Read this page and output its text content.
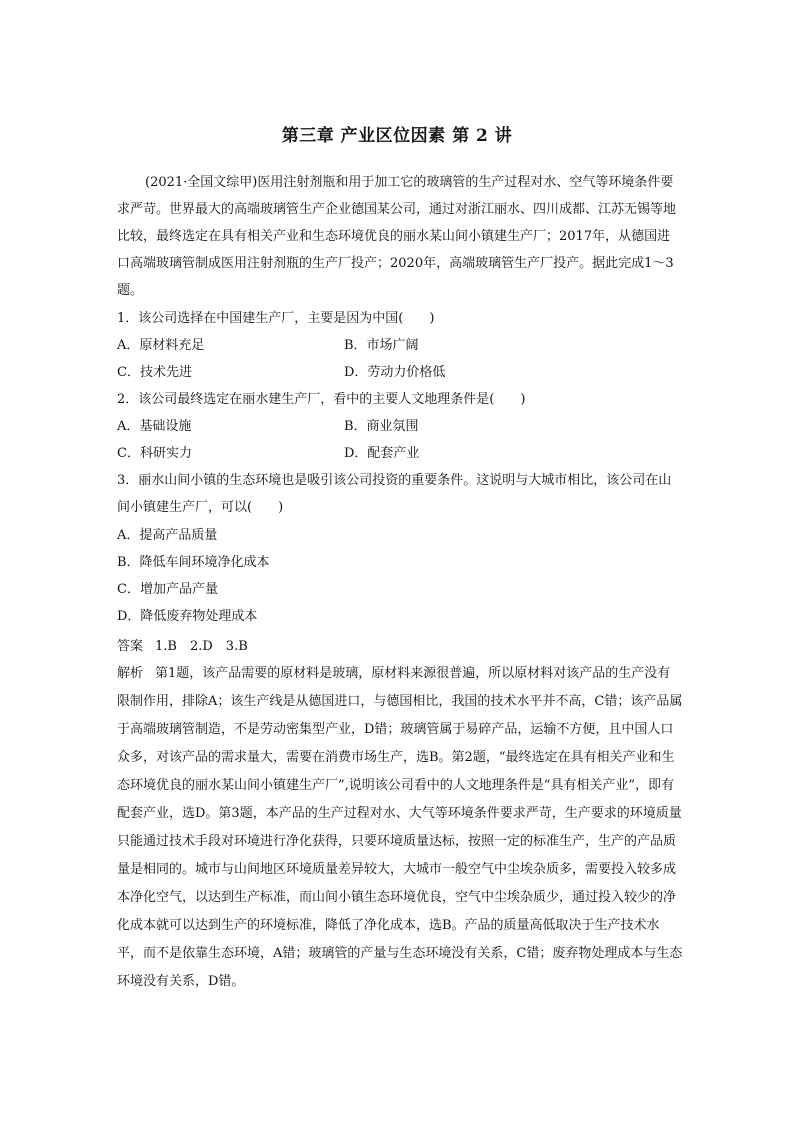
第三章 产业区位因素 第 2 讲
(2021·全国文综甲)医用注射剂瓶和用于加工它的玻璃管的生产过程对水、空气等环境条件要求严苛。世界最大的高端玻璃管生产企业德国某公司，通过对浙江丽水、四川成都、江苏无锡等地比较，最终选定在具有相关产业和生态环境优良的丽水某山间小镇建生产厂；2017年，从德国进口高端玻璃管制成医用注射剂瓶的生产厂投产；2020年，高端玻璃管生产厂投产。据此完成1～3题。
1．该公司选择在中国建生产厂，主要是因为中国(　　)
A．原材料充足	B．市场广阔
C．技术先进	D．劳动力价格低
2．该公司最终选定在丽水建生产厂，看中的主要人文地理条件是(　　)
A．基础设施	B．商业氛围
C．科研实力	D．配套产业
3．丽水山间小镇的生态环境也是吸引该公司投资的重要条件。这说明与大城市相比，该公司在山间小镇建生产厂，可以(　　)
A．提高产品质量
B．降低车间环境净化成本
C．增加产品产量
D．降低废弃物处理成本
答案 1.B　2.D　3.B
解析 第1题，该产品需要的原材料是玻璃，原材料来源很普遍，所以原材料对该产品的生产没有限制作用，排除A；该生产线是从德国进口，与德国相比，我国的技术水平并不高，C错；该产品属于高端玻璃管制造，不是劳动密集型产业，D错；玻璃管属于易碎产品，运输不方便，且中国人口众多，对该产品的需求量大，需要在消费市场生产，选B。第2题，“最终选定在具有相关产业和生态环境优良的丽水某山间小镇建生产厂”,说明该公司看中的人文地理条件是“具有相关产业”，即有配套产业，选D。第3题，本产品的生产过程对水、大气等环境条件要求严苛，生产要求的环境质量只能通过技术手段对环境进行净化获得，只要环境质量达标，按照一定的标准生产，生产的产品质量是相同的。城市与山间地区环境质量差异较大，大城市一般空气中尘埃杂质多，需要投入较多成本净化空气，以达到生产标准，而山间小镇生态环境优良，空气中尘埃杂质少，通过投入较少的净化成本就可以达到生产的环境标准，降低了净化成本，选B。产品的质量高低取决于生产技术水平，而不是依靠生态环境，A错；玻璃管的产量与生态环境没有关系，C错；废弃物处理成本与生态环境没有关系，D错。
